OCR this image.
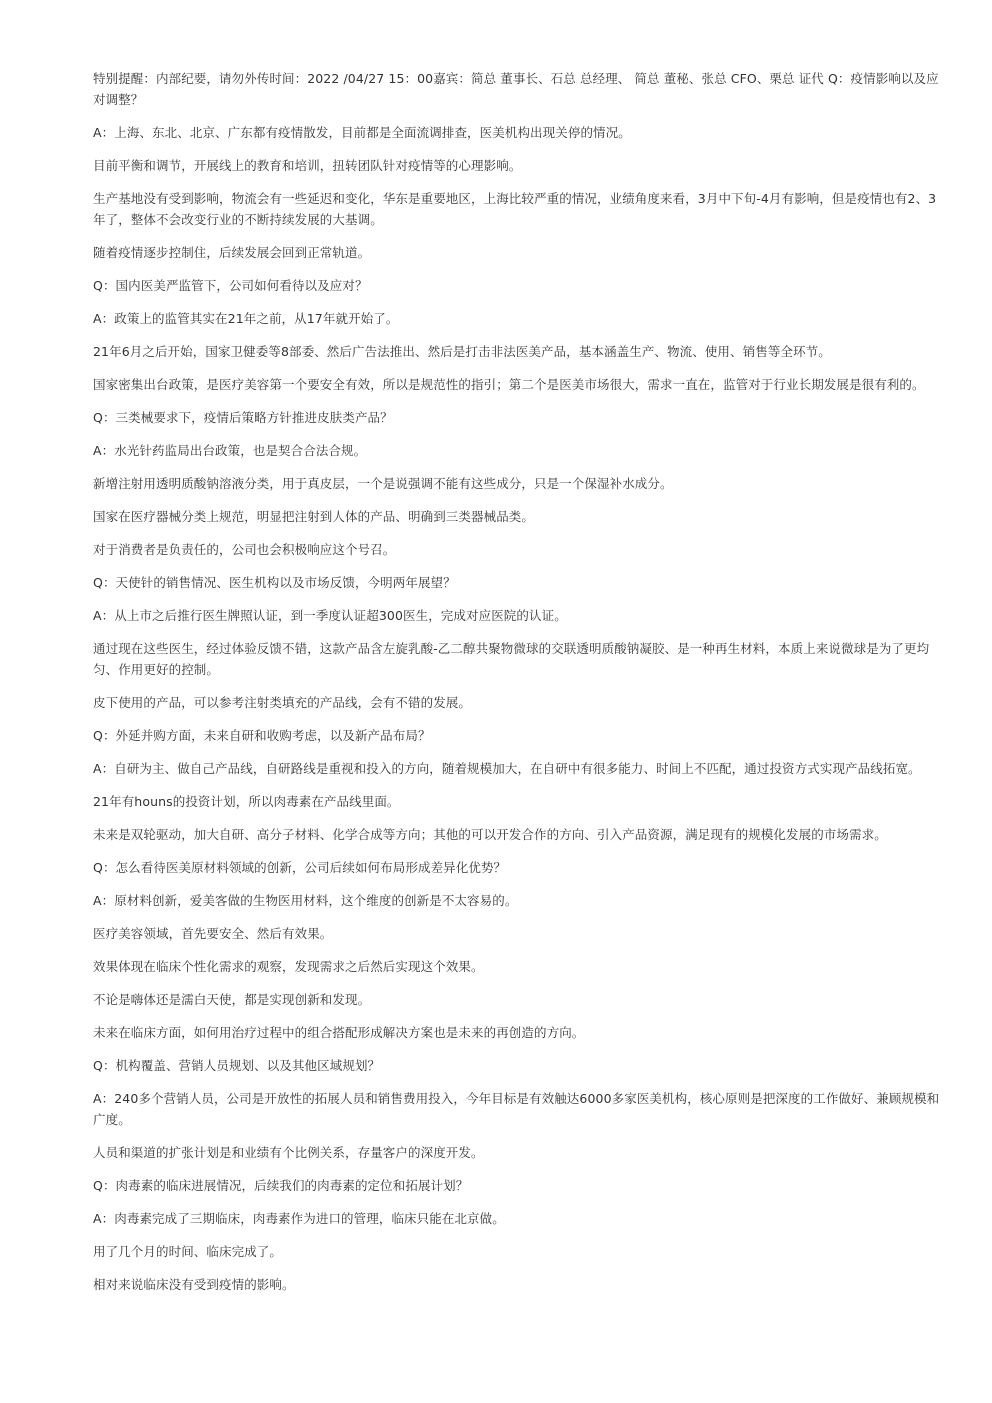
特别提醒：内部纪要，请勿外传时间：2022 /04/27 15：00嘉宾：简总 董事长、石总 总经理、 简总 董秘、张总 CFO、栗总 证代 Q：疫情影响以及应对调整？

A：上海、东北、北京、广东都有疫情散发，目前都是全面流调排查，医美机构出现关停的情况。

目前平衡和调节，开展线上的教育和培训，扭转团队针对疫情等的心理影响。

生产基地没有受到影响，物流会有一些延迟和变化，华东是重要地区，上海比较严重的情况，业绩角度来看，3月中下旬-4月有影响，但是疫情也有2、3年了，整体不会改变行业的不断持续发展的大基调。

随着疫情逐步控制住，后续发展会回到正常轨道。

Q：国内医美严监管下，公司如何看待以及应对？

A：政策上的监管其实在21年之前，从17年就开始了。

21年6月之后开始，国家卫健委等8部委、然后广告法推出、然后是打击非法医美产品，基本涵盖生产、物流、使用、销售等全环节。

国家密集出台政策，是医疗美容第一个要安全有效，所以是规范性的指引；第二个是医美市场很大，需求一直在，监管对于行业长期发展是很有利的。

Q：三类械要求下，疫情后策略方针推进皮肤类产品？

A：水光针药监局出台政策，也是契合合法合规。

新增注射用透明质酸钠溶液分类，用于真皮层，一个是说强调不能有这些成分，只是一个保湿补水成分。

国家在医疗器械分类上规范，明显把注射到人体的产品、明确到三类器械品类。

对于消费者是负责任的，公司也会积极响应这个号召。

Q：天使针的销售情况、医生机构以及市场反馈，今明两年展望？

A：从上市之后推行医生牌照认证，到一季度认证超300医生，完成对应医院的认证。

通过现在这些医生，经过体验反馈不错，这款产品含左旋乳酸-乙二醇共聚物微球的交联透明质酸钠凝胶、是一种再生材料，本质上来说微球是为了更均匀、作用更好的控制。

皮下使用的产品，可以参考注射类填充的产品线，会有不错的发展。

Q：外延并购方面，未来自研和收购考虑，以及新产品布局？

A：自研为主、做自己产品线，自研路线是重视和投入的方向，随着规模加大，在自研中有很多能力、时间上不匹配，通过投资方式实现产品线拓宽。

21年有houns的投资计划，所以肉毒素在产品线里面。

未来是双轮驱动，加大自研、高分子材料、化学合成等方向；其他的可以开发合作的方向、引入产品资源，满足现有的规模化发展的市场需求。

Q：怎么看待医美原材料领域的创新，公司后续如何布局形成差异化优势？

A：原材料创新，爱美客做的生物医用材料，这个维度的创新是不太容易的。

医疗美容领域，首先要安全、然后有效果。

效果体现在临床个性化需求的观察，发现需求之后然后实现这个效果。

不论是嗨体还是濡白天使，都是实现创新和发现。

未来在临床方面，如何用治疗过程中的组合搭配形成解决方案也是未来的再创造的方向。

Q：机构覆盖、营销人员规划、以及其他区域规划？

A：240多个营销人员，公司是开放性的拓展人员和销售费用投入，今年目标是有效触达6000多家医美机构，核心原则是把深度的工作做好、兼顾规模和广度。

人员和渠道的扩张计划是和业绩有个比例关系，存量客户的深度开发。

Q：肉毒素的临床进展情况，后续我们的肉毒素的定位和拓展计划？

A：肉毒素完成了三期临床，肉毒素作为进口的管理，临床只能在北京做。

用了几个月的时间、临床完成了。

相对来说临床没有受到疫情的影响。
